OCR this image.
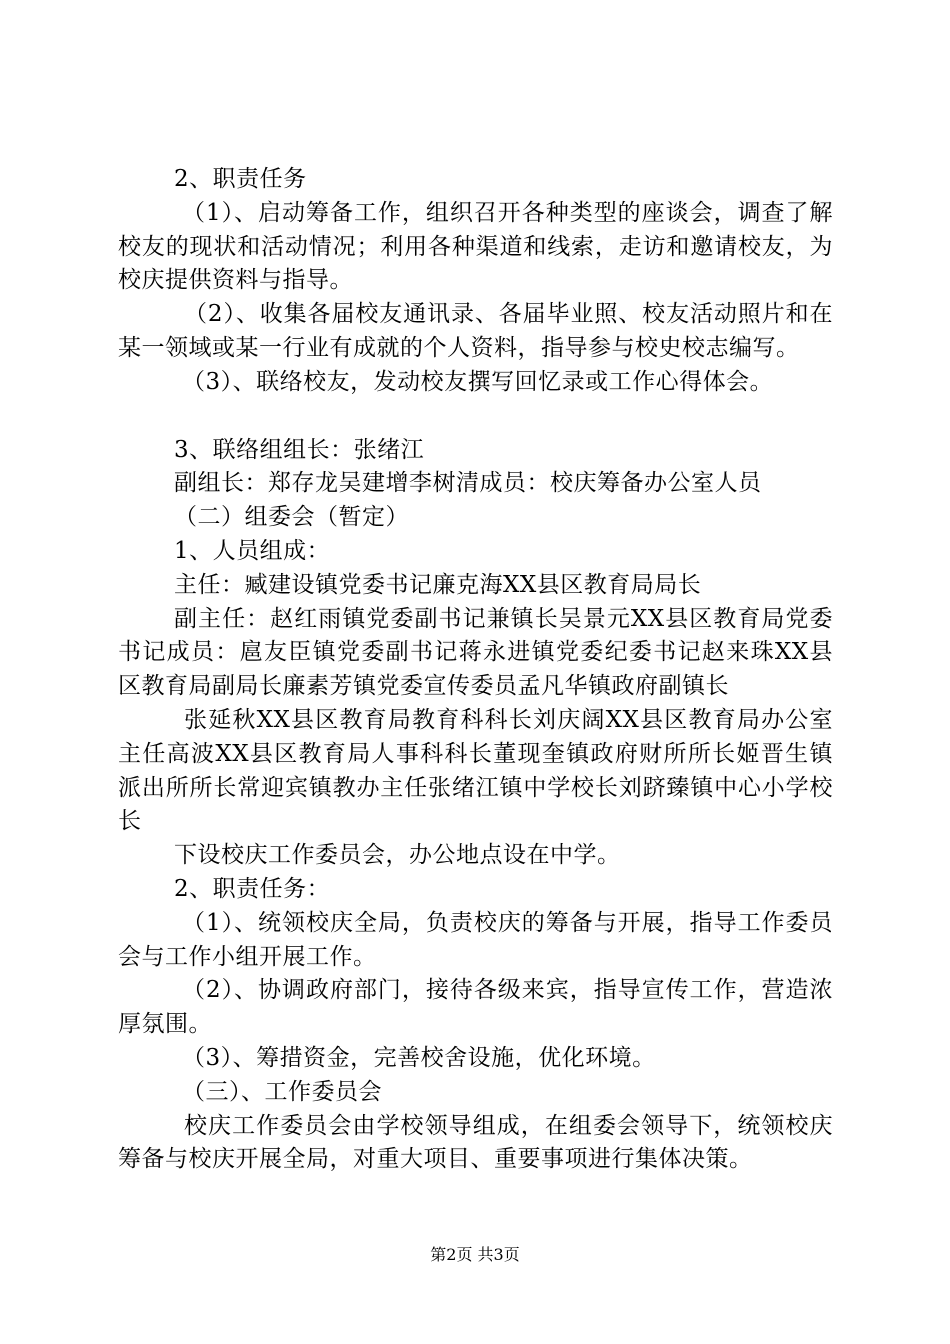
2、职责任务

（1）、启动筹备工作，组织召开各种类型的座谈会，调查了解校友的现状和活动情况；利用各种渠道和线索，走访和邀请校友，为校庆提供资料与指导。

（2）、收集各届校友通讯录、各届毕业照、校友活动照片和在某一领域或某一行业有成就的个人资料，指导参与校史校志编写。

（3）、联络校友，发动校友撰写回忆录或工作心得体会。

3、联络组组长：张绪江

副组长：郑存龙吴建增李树清成员：校庆筹备办公室人员

（二）组委会（暂定）

1、人员组成：

主任：臧建设镇党委书记廉克海XX县区教育局局长

副主任：赵红雨镇党委副书记兼镇长吴景元XX县区教育局党委书记成员：扈友臣镇党委副书记蒋永进镇党委纪委书记赵来珠XX县区教育局副局长廉素芳镇党委宣传委员孟凡华镇政府副镇长

张延秋XX县区教育局教育科科长刘庆阔XX县区教育局办公室主任高波XX县区教育局人事科科长董现奎镇政府财所所长姬晋生镇派出所所长常迎宾镇教办主任张绪江镇中学校长刘跻臻镇中心小学校长

下设校庆工作委员会，办公地点设在中学。

2、职责任务：

（1）、统领校庆全局，负责校庆的筹备与开展，指导工作委员会与工作小组开展工作。

（2）、协调政府部门，接待各级来宾，指导宣传工作，营造浓厚氛围。

（3）、筹措资金，完善校舍设施，优化环境。

（三）、工作委员会

校庆工作委员会由学校领导组成，在组委会领导下，统领校庆筹备与校庆开展全局，对重大项目、重要事项进行集体决策。

第2页 共3页
